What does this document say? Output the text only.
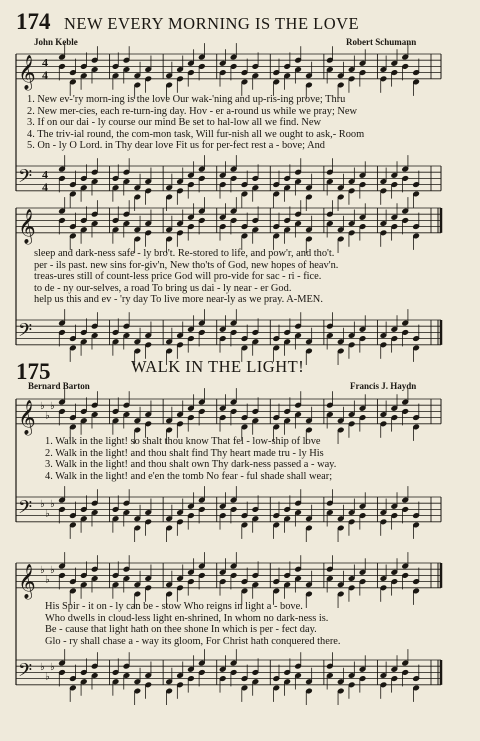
174 NEW EVERY MORNING IS THE LOVE
John Keble	Robert Schumann
𝄞 4
4
𝄢 4
4
𝄞
𝄢
𝄞 ♭
♭
♭
𝄢 ♭
♭
♭
𝄞 ♭
♭
♭
𝄢 ♭
♭
♭
1. New ev-'ry morn-ing is the love Our wak-'ning and up-ris-ing prove; Thru
2. New mer-cies, each re-turn-ing day. Hov - er a-round us while we pray; New
3. If on our dai - ly course our mind Be set to hal-low all we find. New
4. The triv-ial round, the com-mon task, Will fur-nish all we ought to ask,- Room
5. On - ly O Lord. in Thy dear love Fit us for per-fect rest a - bove; And
sleep and dark-ness safe - ly bro't. Re-stored to life, and pow'r, and tho't.
per - ils past. new sins for-giv'n, New tho'ts of God, new hopes of heav'n.
treas-ures still of count-less price God will pro-vide for sac - ri - fice.
to de - ny our-selves, a road To bring us dai - ly near - er God.
help us this and ev - 'ry day To live more near-ly as we pray. A-MEN.
175	WALK IN THE LIGHT!
Bernard Barton	Francis J. Haydn
1. Walk in the light! so shalt thou know That fel - low-ship of love
2. Walk in the light! and thou shalt find Thy heart made tru - ly His
3. Walk in the light! and thou shalt own Thy dark-ness passed a - way.
4. Walk in the light! and e'en the tomb No fear - ful shade shall wear;
His Spir - it on - ly can be - stow Who reigns in light a - bove.
Who dwells in cloud-less light en-shrined, In whom no dark-ness is.
Be - cause that light hath on thee shone In which is per - fect day.
Glo - ry shall chase a - way its gloom, For Christ hath conquered there.
